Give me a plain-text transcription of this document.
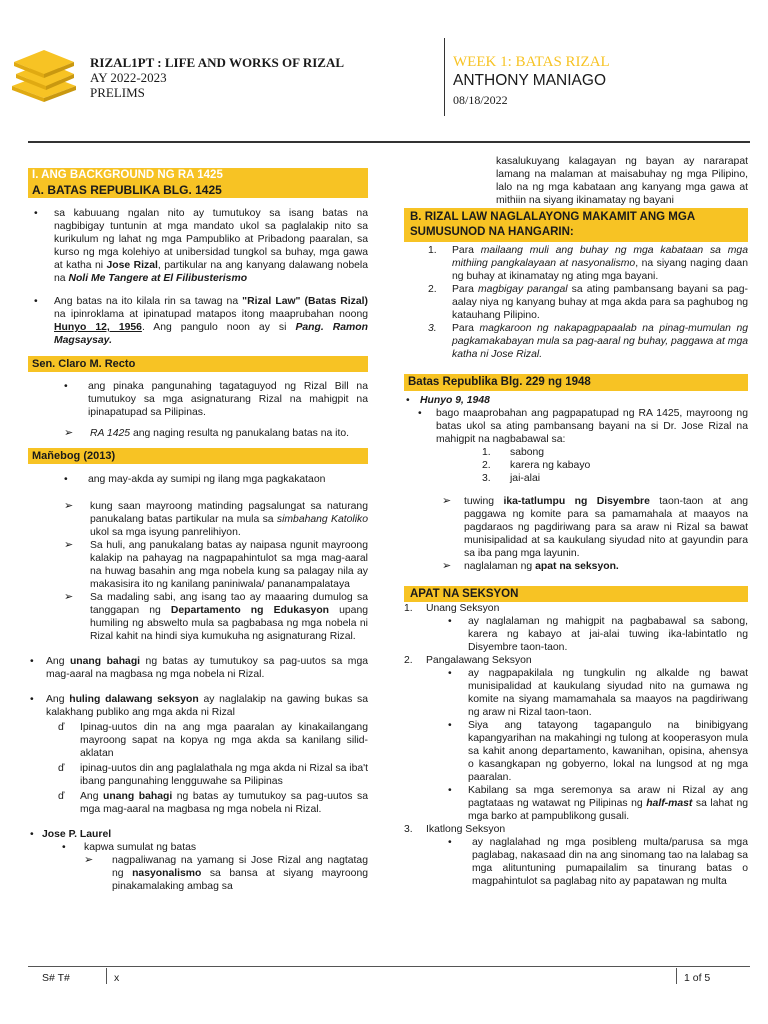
RIZAL1PT : LIFE AND WORKS OF RIZAL
AY 2022-2023
PRELIMS
WEEK 1: BATAS RIZAL
ANTHONY MANIAGO
08/18/2022
I. ANG BACKGROUND NG RA 1425
A. BATAS REPUBLIKA BLG. 1425
•	sa kabuuang ngalan nito ay tumutukoy sa isang batas na nagbibigay tuntunin at mga mandato ukol sa paglalakip nito sa kurikulum ng lahat ng mga Pampubliko at Pribadong paaralan, sa kurso ng mga kolehiyo at unibersidad tungkol sa buhay, mga gawa at katha ni Jose Rizal, partikular na ang kanyang dalawang nobela na Noli Me Tangere at El Filibusterismo
•	Ang batas na ito kilala rin sa tawag na "Rizal Law" (Batas Rizal) na ipinroklama at ipinatupad matapos itong maaprubahan noong Hunyo 12, 1956. Ang pangulo noon ay si Pang. Ramon Magsaysay.
Sen. Claro M. Recto
•	ang pinaka pangunahing tagataguyod ng Rizal Bill na tumutukoy sa mga asignaturang Rizal na mahigpit na ipinapatupad sa Pilipinas.
➢	RA 1425 ang naging resulta ng panukalang batas na ito.
Mañebog (2013)
•	ang may-akda ay sumipi ng ilang mga pagkakataon
➢	kung saan mayroong matinding pagsalungat sa naturang panukalang batas partikular na mula sa simbahang Katoliko ukol sa mga isyung panrelihiyon.
➢	Sa huli, ang panukalang batas ay naipasa ngunit mayroong kalakip na pahayag na nagpapahintulot sa mga mag-aaral na huwag basahin ang mga nobela kung sa palagay nila ay makasisira ito ng kanilang paniniwala/ pananampalataya
➢	Sa madaling sabi, ang isang tao ay maaaring dumulog sa tanggapan ng Departamento ng Edukasyon upang humiling ng abswelto mula sa pagbabasa ng mga nobela ni Rizal kahit na hindi siya kumukuha ng asignaturang Rizal.
•	Ang unang bahagi ng batas ay tumutukoy sa pag-uutos sa mga mag-aaral na magbasa ng mga nobela ni Rizal.
•	Ang huling dalawang seksyon ay naglalakip na gawing bukas sa kalakhang publiko ang mga akda ni Rizal
ď	Ipinag-uutos din na ang mga paaralan ay kinakailangang mayroong sapat na kopya ng mga akda sa kanilang silid-aklatan
ď	ipinag-uutos din ang paglalathala ng mga akda ni Rizal sa iba't ibang pangunahing lengguwahe sa Pilipinas
ď	Ang unang bahagi ng batas ay tumutukoy sa pag-uutos sa mga mag-aaral na magbasa ng mga nobela ni Rizal.
• Jose P. Laurel
•	kapwa sumulat ng batas
➢	nagpaliwanag na yamang si Jose Rizal ang nagtatag ng nasyonalismo sa bansa at siyang mayroong pinakamalaking ambag sa
kasalukuyang kalagayan ng bayan ay nararapat lamang na malaman at maisabuhay ng mga Pilipino, lalo na ng mga kabataan ang kanyang mga gawa at mithiin na siyang ikinamatay ng bayani
B. RIZAL LAW NAGLALAYONG MAKAMIT ANG MGA SUMUSUNOD NA HANGARIN:
1.	Para mailaang muli ang buhay ng mga kabataan sa mga mithiing pangkalayaan at nasyonalismo, na siyang naging daan ng buhay at ikinamatay ng ating mga bayani.
2.	Para magbigay parangal sa ating pambansang bayani sa pag-aalay niya ng kanyang buhay at mga akda para sa paghubog ng katauhang Pilipino.
3.	Para magkaroon ng nakapagpapaalab na pinag-mumulan ng pagkamakabayan mula sa pag-aaral ng buhay, paggawa at mga katha ni Jose Rizal.
Batas Republika Blg. 229 ng 1948
• Hunyo 9, 1948
•	bago maaprobahan ang pagpapatupad ng RA 1425, mayroong ng batas ukol sa ating pambansang bayani na si Dr. Jose Rizal na mahigpit na nagbabawal sa:
1.	sabong
2.	karera ng kabayo
3.	jai-alai
➢	tuwing ika-tatlumpu ng Disyembre taon-taon at ang paggawa ng komite para sa pamamahala at maayos na pagdaraos ng pagdiriwang para sa araw ni Rizal sa bawat munisipalidad at sa kaukulang siyudad nito at gayundin para sa iba pang mga layunin.
➢	naglalaman ng apat na seksyon.
APAT NA SEKSYON
1.	Unang Seksyon
•	ay naglalaman ng mahigpit na pagbabawal sa sabong, karera ng kabayo at jai-alai tuwing ika-labintatlo ng Disyembre taon-taon.
2.	Pangalawang Seksyon
•	ay nagpapakilala ng tungkulin ng alkalde ng bawat munisipalidad at kaukulang siyudad nito na gumawa ng komite na siyang mamamahala sa maayos na pagdiriwang ng araw ni Rizal taon-taon.
•	Siya ang tatayong tagapangulo na binibigyang kapangyarihan na makahingi ng tulong at kooperasyon mula sa kahit anong departamento, kawanihan, opisina, ahensya o kasangkapan ng gobyerno, lokal na lungsod at ng mga paaralan.
•	Kabilang sa mga seremonya sa araw ni Rizal ay ang pagtataas ng watawat ng Pilipinas ng half-mast sa lahat ng mga barko at pampublikong gusali.
3.	Ikatlong Seksyon
•	ay naglalahad ng mga posibleng multa/parusa sa mga paglabag, nakasaad din na ang sinomang tao na lalabag sa mga alituntuning pumapailalim sa tinurang batas o magpahintulot sa paglabag nito ay papatawan ng multa
S# T#	x	1 of 5
